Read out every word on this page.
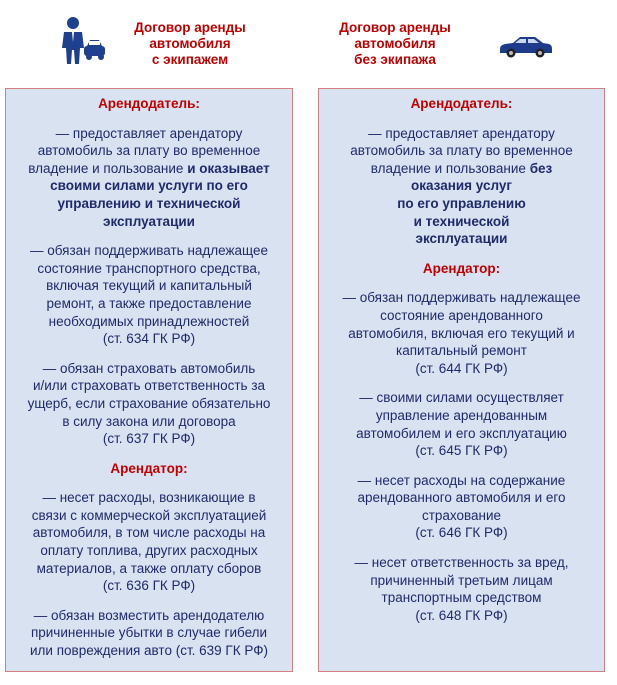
Договор аренды
автомобиля
с экипажем
Договор аренды
автомобиля
без экипажа
Арендодатель:
— предоставляет арендатору
автомобиль за плату во временное
владение и пользование и оказывает
своими силами услуги по его
управлению и технической
эксплуатации
— обязан поддерживать надлежащее
состояние транспортного средства,
включая текущий и капитальный
ремонт, а также предоставление
необходимых принадлежностей
(ст. 634 ГК РФ)
— обязан страховать автомобиль
и/или страховать ответственность за
ущерб, если страхование обязательно
в силу закона или договора
(ст. 637 ГК РФ)
Арендатор:
— несет расходы, возникающие в
связи с коммерческой эксплуатацией
автомобиля, в том числе расходы на
оплату топлива, других расходных
материалов, а также оплату сборов
(ст. 636 ГК РФ)
— обязан возместить арендодателю
причиненные убытки в случае гибели
или повреждения авто (ст. 639 ГК РФ)
Арендодатель:
— предоставляет арендатору
автомобиль за плату во временное
владение и пользование без
оказания услуг
по его управлению
и технической
эксплуатации
Арендатор:
— обязан поддерживать надлежащее
состояние арендованного
автомобиля, включая его текущий и
капитальный ремонт
(ст. 644 ГК РФ)
— своими силами осуществляет
управление арендованным
автомобилем и его эксплуатацию
(ст. 645 ГК РФ)
— несет расходы на содержание
арендованного автомобиля и его
страхование
(ст. 646 ГК РФ)
— несет ответственность за вред,
причиненный третьим лицам
транспортным средством
(ст. 648 ГК РФ)
